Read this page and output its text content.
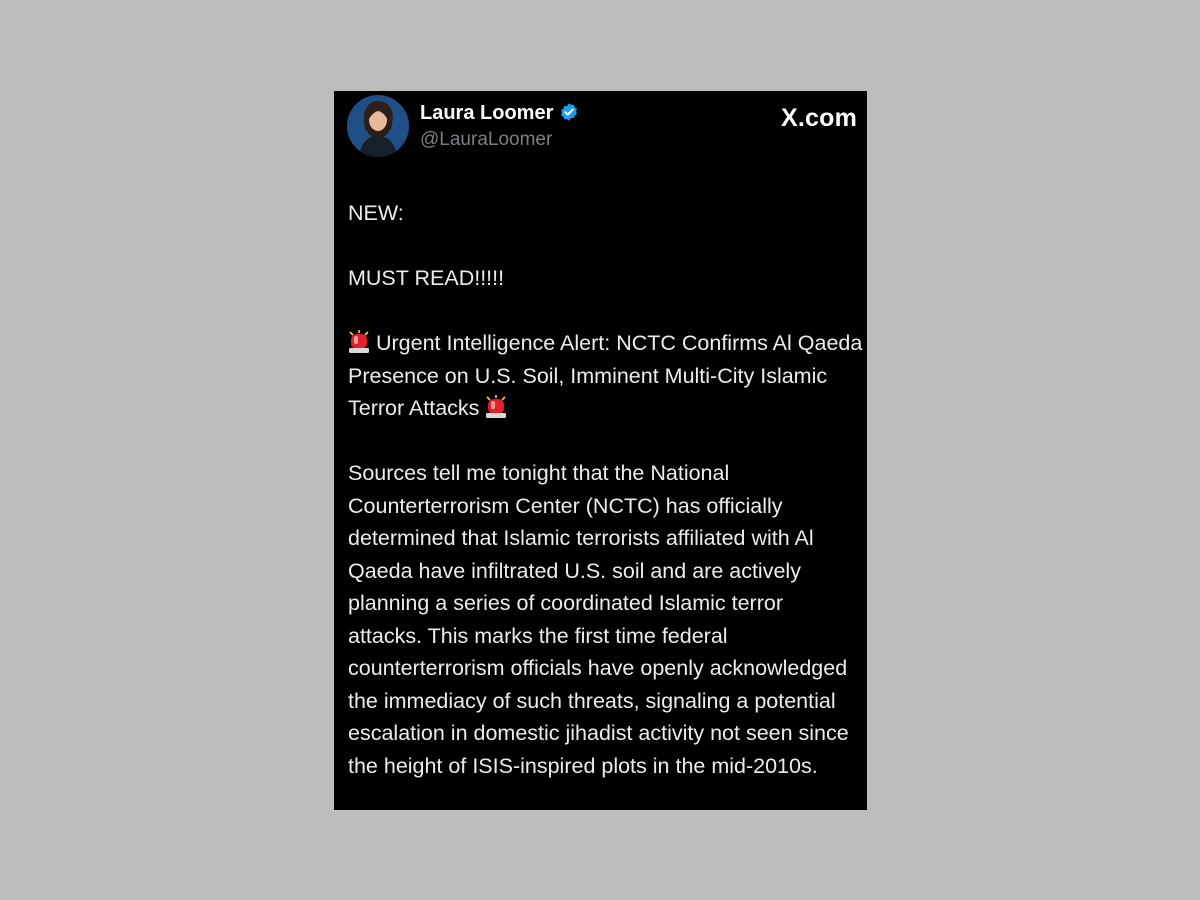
Laura Loomer
@LauraLoomer
X.com

NEW:

MUST READ!!!!!

Urgent Intelligence Alert: NCTC Confirms Al Qaeda Presence on U.S. Soil, Imminent Multi-City Islamic Terror Attacks

Sources tell me tonight that the National Counterterrorism Center (NCTC) has officially determined that Islamic terrorists affiliated with Al Qaeda have infiltrated U.S. soil and are actively planning a series of coordinated Islamic terror attacks. This marks the first time federal counterterrorism officials have openly acknowledged the immediacy of such threats, signaling a potential escalation in domestic jihadist activity not seen since the height of ISIS-inspired plots in the mid-2010s.
